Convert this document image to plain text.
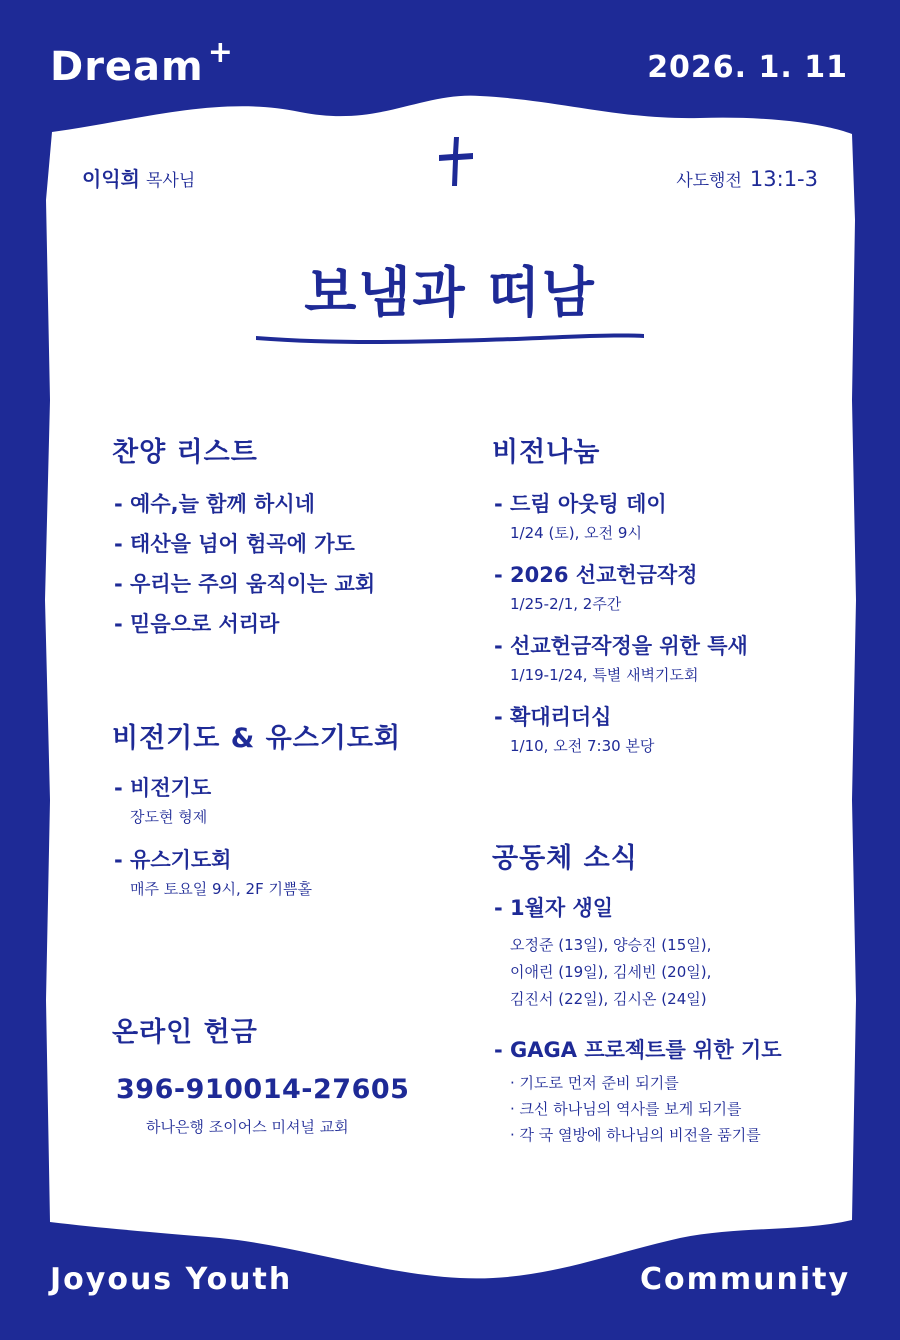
Dream +	2026. 1. 11
이익희 목사님	사도행전 13:1-3
보냄과 떠남
찬양 리스트
- 예수,늘 함께 하시네
- 태산을 넘어 험곡에 가도
- 우리는 주의 움직이는 교회
- 믿음으로 서리라
비전기도 & 유스기도회
- 비전기도
장도현 형제
- 유스기도회
매주 토요일 9시, 2F 기쁨홀
온라인 헌금
396-910014-27605
하나은행 조이어스 미셔널 교회
비전나눔
- 드림 아웃팅 데이
1/24 (토), 오전 9시
- 2026 선교헌금작정
1/25-2/1, 2주간
- 선교헌금작정을 위한 특새
1/19-1/24, 특별 새벽기도회
- 확대리더십
1/10, 오전 7:30 본당
공동체 소식
- 1월자 생일
오정준 (13일), 양승진 (15일),
이애린 (19일), 김세빈 (20일),
김진서 (22일), 김시온 (24일)
- GAGA 프로젝트를 위한 기도
· 기도로 먼저 준비 되기를
· 크신 하나님의 역사를 보게 되기를
· 각 국 열방에 하나님의 비전을 품기를
Joyous Youth	Community
